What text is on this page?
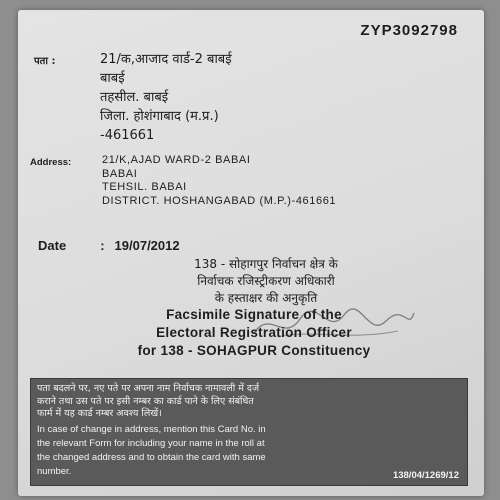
ZYP3092798
पता :	21/क,आजाद वार्ड-2 बाबई
बाबई
तहसील. बाबई
जिला. होशंगाबाद (म.प्र.)
-461661
Address:	21/K,AJAD WARD-2 BABAI
BABAI
TEHSIL. BABAI
DISTRICT. HOSHANGABAD (M.P.)-461661
Date	: 19/07/2012
138 - सोहागपुर निर्वाचन क्षेत्र के
निर्वाचक रजिस्ट्रीकरण अधिकारी
के हस्ताक्षर की अनुकृति
Facsimile Signature of the
Electoral Registration Officer
for 138 - SOHAGPUR Constituency
पता बदलने पर, नए पते पर अपना नाम निर्वाचक नामावली में दर्ज
कराने तथा उस पते पर इसी नम्बर का कार्ड पाने के लिए संबंधित
फार्म में यह कार्ड नम्बर अवश्य लिखें।
In case of change in address, mention this Card No. in
the relevant Form for including your name in the roll at
the changed address and to obtain the card with same
number.	138/04/1269/12
